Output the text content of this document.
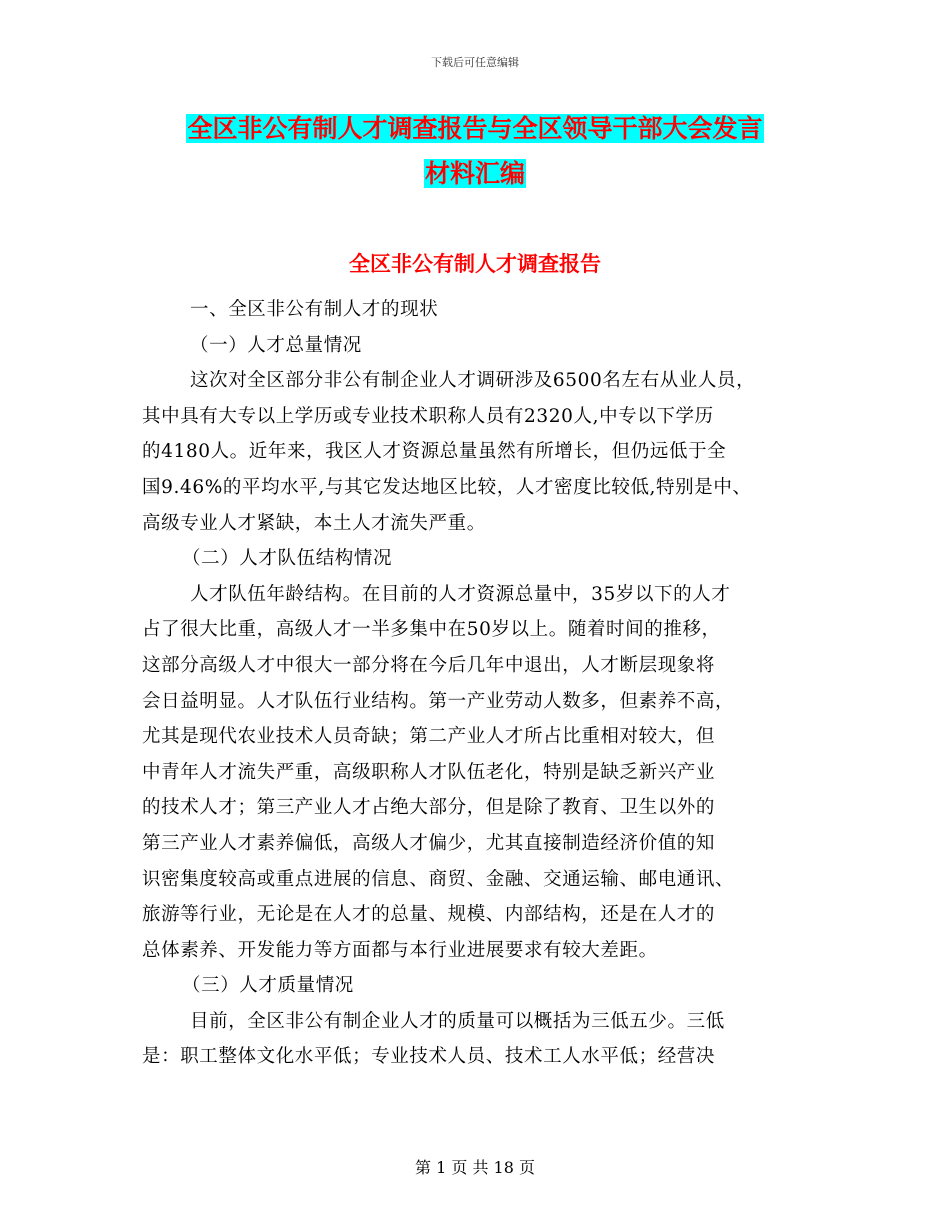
下载后可任意编辑
全区非公有制人才调查报告与全区领导干部大会发言
材料汇编
全区非公有制人才调查报告
一、全区非公有制人才的现状
（一）人才总量情况
这次对全区部分非公有制企业人才调研涉及6500名左右从业人员，
其中具有大专以上学历或专业技术职称人员有2320人,中专以下学历
的4180人。近年来，我区人才资源总量虽然有所增长，但仍远低于全
国9.46%的平均水平,与其它发达地区比较，人才密度比较低,特别是中、
高级专业人才紧缺，本土人才流失严重。
（二）人才队伍结构情况
人才队伍年龄结构。在目前的人才资源总量中，35岁以下的人才
占了很大比重，高级人才一半多集中在50岁以上。随着时间的推移，
这部分高级人才中很大一部分将在今后几年中退出，人才断层现象将
会日益明显。人才队伍行业结构。第一产业劳动人数多，但素养不高，
尤其是现代农业技术人员奇缺；第二产业人才所占比重相对较大，但
中青年人才流失严重，高级职称人才队伍老化，特别是缺乏新兴产业
的技术人才；第三产业人才占绝大部分，但是除了教育、卫生以外的
第三产业人才素养偏低，高级人才偏少，尤其直接制造经济价值的知
识密集度较高或重点进展的信息、商贸、金融、交通运输、邮电通讯、
旅游等行业，无论是在人才的总量、规模、内部结构，还是在人才的
总体素养、开发能力等方面都与本行业进展要求有较大差距。
（三）人才质量情况
目前，全区非公有制企业人才的质量可以概括为三低五少。三低
是：职工整体文化水平低；专业技术人员、技术工人水平低；经营决
第 1 页 共 18 页
